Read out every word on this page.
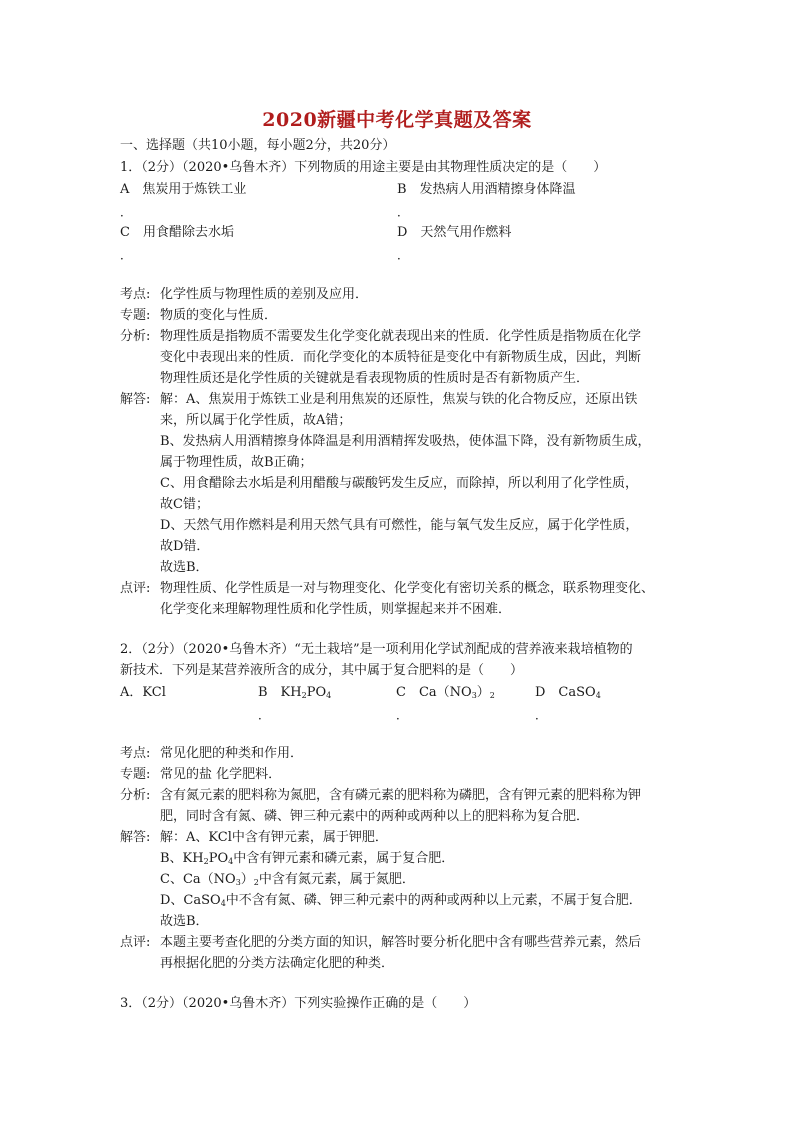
2020新疆中考化学真题及答案
一、选择题（共10小题，每小题2分，共20分）
1．（2分）（2020•乌鲁木齐）下列物质的用途主要是由其物理性质决定的是（　　）
A　焦炭用于炼铁工业	B　发热病人用酒精擦身体降温
．	．
C　用食醋除去水垢	D　天然气用作燃料
．	．
考点: 化学性质与物理性质的差别及应用．
专题: 物质的变化与性质．
分析: 物理性质是指物质不需要发生化学变化就表现出来的性质．化学性质是指物质在化学
变化中表现出来的性质．而化学变化的本质特征是变化中有新物质生成，因此，判断
物理性质还是化学性质的关键就是看表现物质的性质时是否有新物质产生．
解答: 解：A、焦炭用于炼铁工业是利用焦炭的还原性，焦炭与铁的化合物反应，还原出铁
来，所以属于化学性质，故A错；
B、发热病人用酒精擦身体降温是利用酒精挥发吸热，使体温下降，没有新物质生成，
属于物理性质，故B正确；
C、用食醋除去水垢是利用醋酸与碳酸钙发生反应，而除掉，所以利用了化学性质，
故C错；
D、天然气用作燃料是利用天然气具有可燃性，能与氧气发生反应，属于化学性质，
故D错．
故选B．
点评: 物理性质、化学性质是一对与物理变化、化学变化有密切关系的概念，联系物理变化、
化学变化来理解物理性质和化学性质，则掌握起来并不困难．
2．（2分）（2020•乌鲁木齐）“无土栽培”是一项利用化学试剂配成的营养液来栽培植物的
新技术．下列是某营养液所含的成分，其中属于复合肥料的是（　　）
A．KCl	B　$KH_2PO_4$	C　$Ca(NO_3)_2$	D　CaSO$_4$
．	．	．
考点: 常见化肥的种类和作用．
专题: 常见的盐 化学肥料．
分析: 含有氮元素的肥料称为氮肥，含有磷元素的肥料称为磷肥，含有钾元素的肥料称为钾
肥，同时含有氮、磷、钾三种元素中的两种或两种以上的肥料称为复合肥．
解答: 解：A、KCl中含有钾元素，属于钾肥．
B、$KH_2PO_4$中含有钾元素和磷元素，属于复合肥．
C、$Ca(NO_3)_2$中含有氮元素，属于氮肥．
D、CaSO$_4$中不含有氮、磷、钾三种元素中的两种或两种以上元素，不属于复合肥．
故选B．
点评: 本题主要考查化肥的分类方面的知识，解答时要分析化肥中含有哪些营养元素，然后
再根据化肥的分类方法确定化肥的种类．
3．（2分）（2020•乌鲁木齐）下列实验操作正确的是（　　）
